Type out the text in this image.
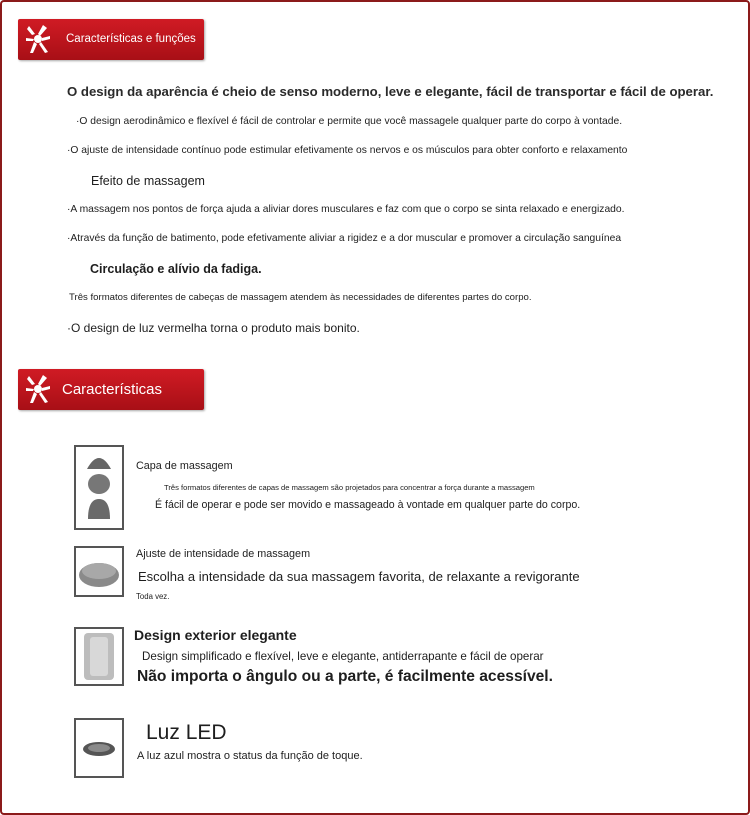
Características e funções
O design da aparência é cheio de senso moderno, leve e elegante, fácil de transportar e fácil de operar.
·O design aerodinâmico e flexível é fácil de controlar e permite que você massagele qualquer parte do corpo à vontade.
·O ajuste de intensidade contínuo pode estimular efetivamente os nervos e os músculos para obter conforto e relaxamento
Efeito de massagem
·A massagem nos pontos de força ajuda a aliviar dores musculares e faz com que o corpo se sinta relaxado e energizado.
·Através da função de batimento, pode efetivamente aliviar a rigidez e a dor muscular e promover a circulação sanguínea
Circulação e alívio da fadiga.
Três formatos diferentes de cabeças de massagem atendem às necessidades de diferentes partes do corpo.
·O design de luz vermelha torna o produto mais bonito.
Características
Capa de massagem
Três formatos diferentes de capas de massagem são projetados para concentrar a força durante a massagem
É fácil de operar e pode ser movido e massageado à vontade em qualquer parte do corpo.
Ajuste de intensidade de massagem
Escolha a intensidade da sua massagem favorita, de relaxante a revigorante
Toda vez.
Design exterior elegante
Design simplificado e flexível, leve e elegante, antiderrapante e fácil de operar
Não importa o ângulo ou a parte, é facilmente acessível.
Luz LED
A luz azul mostra o status da função de toque.
